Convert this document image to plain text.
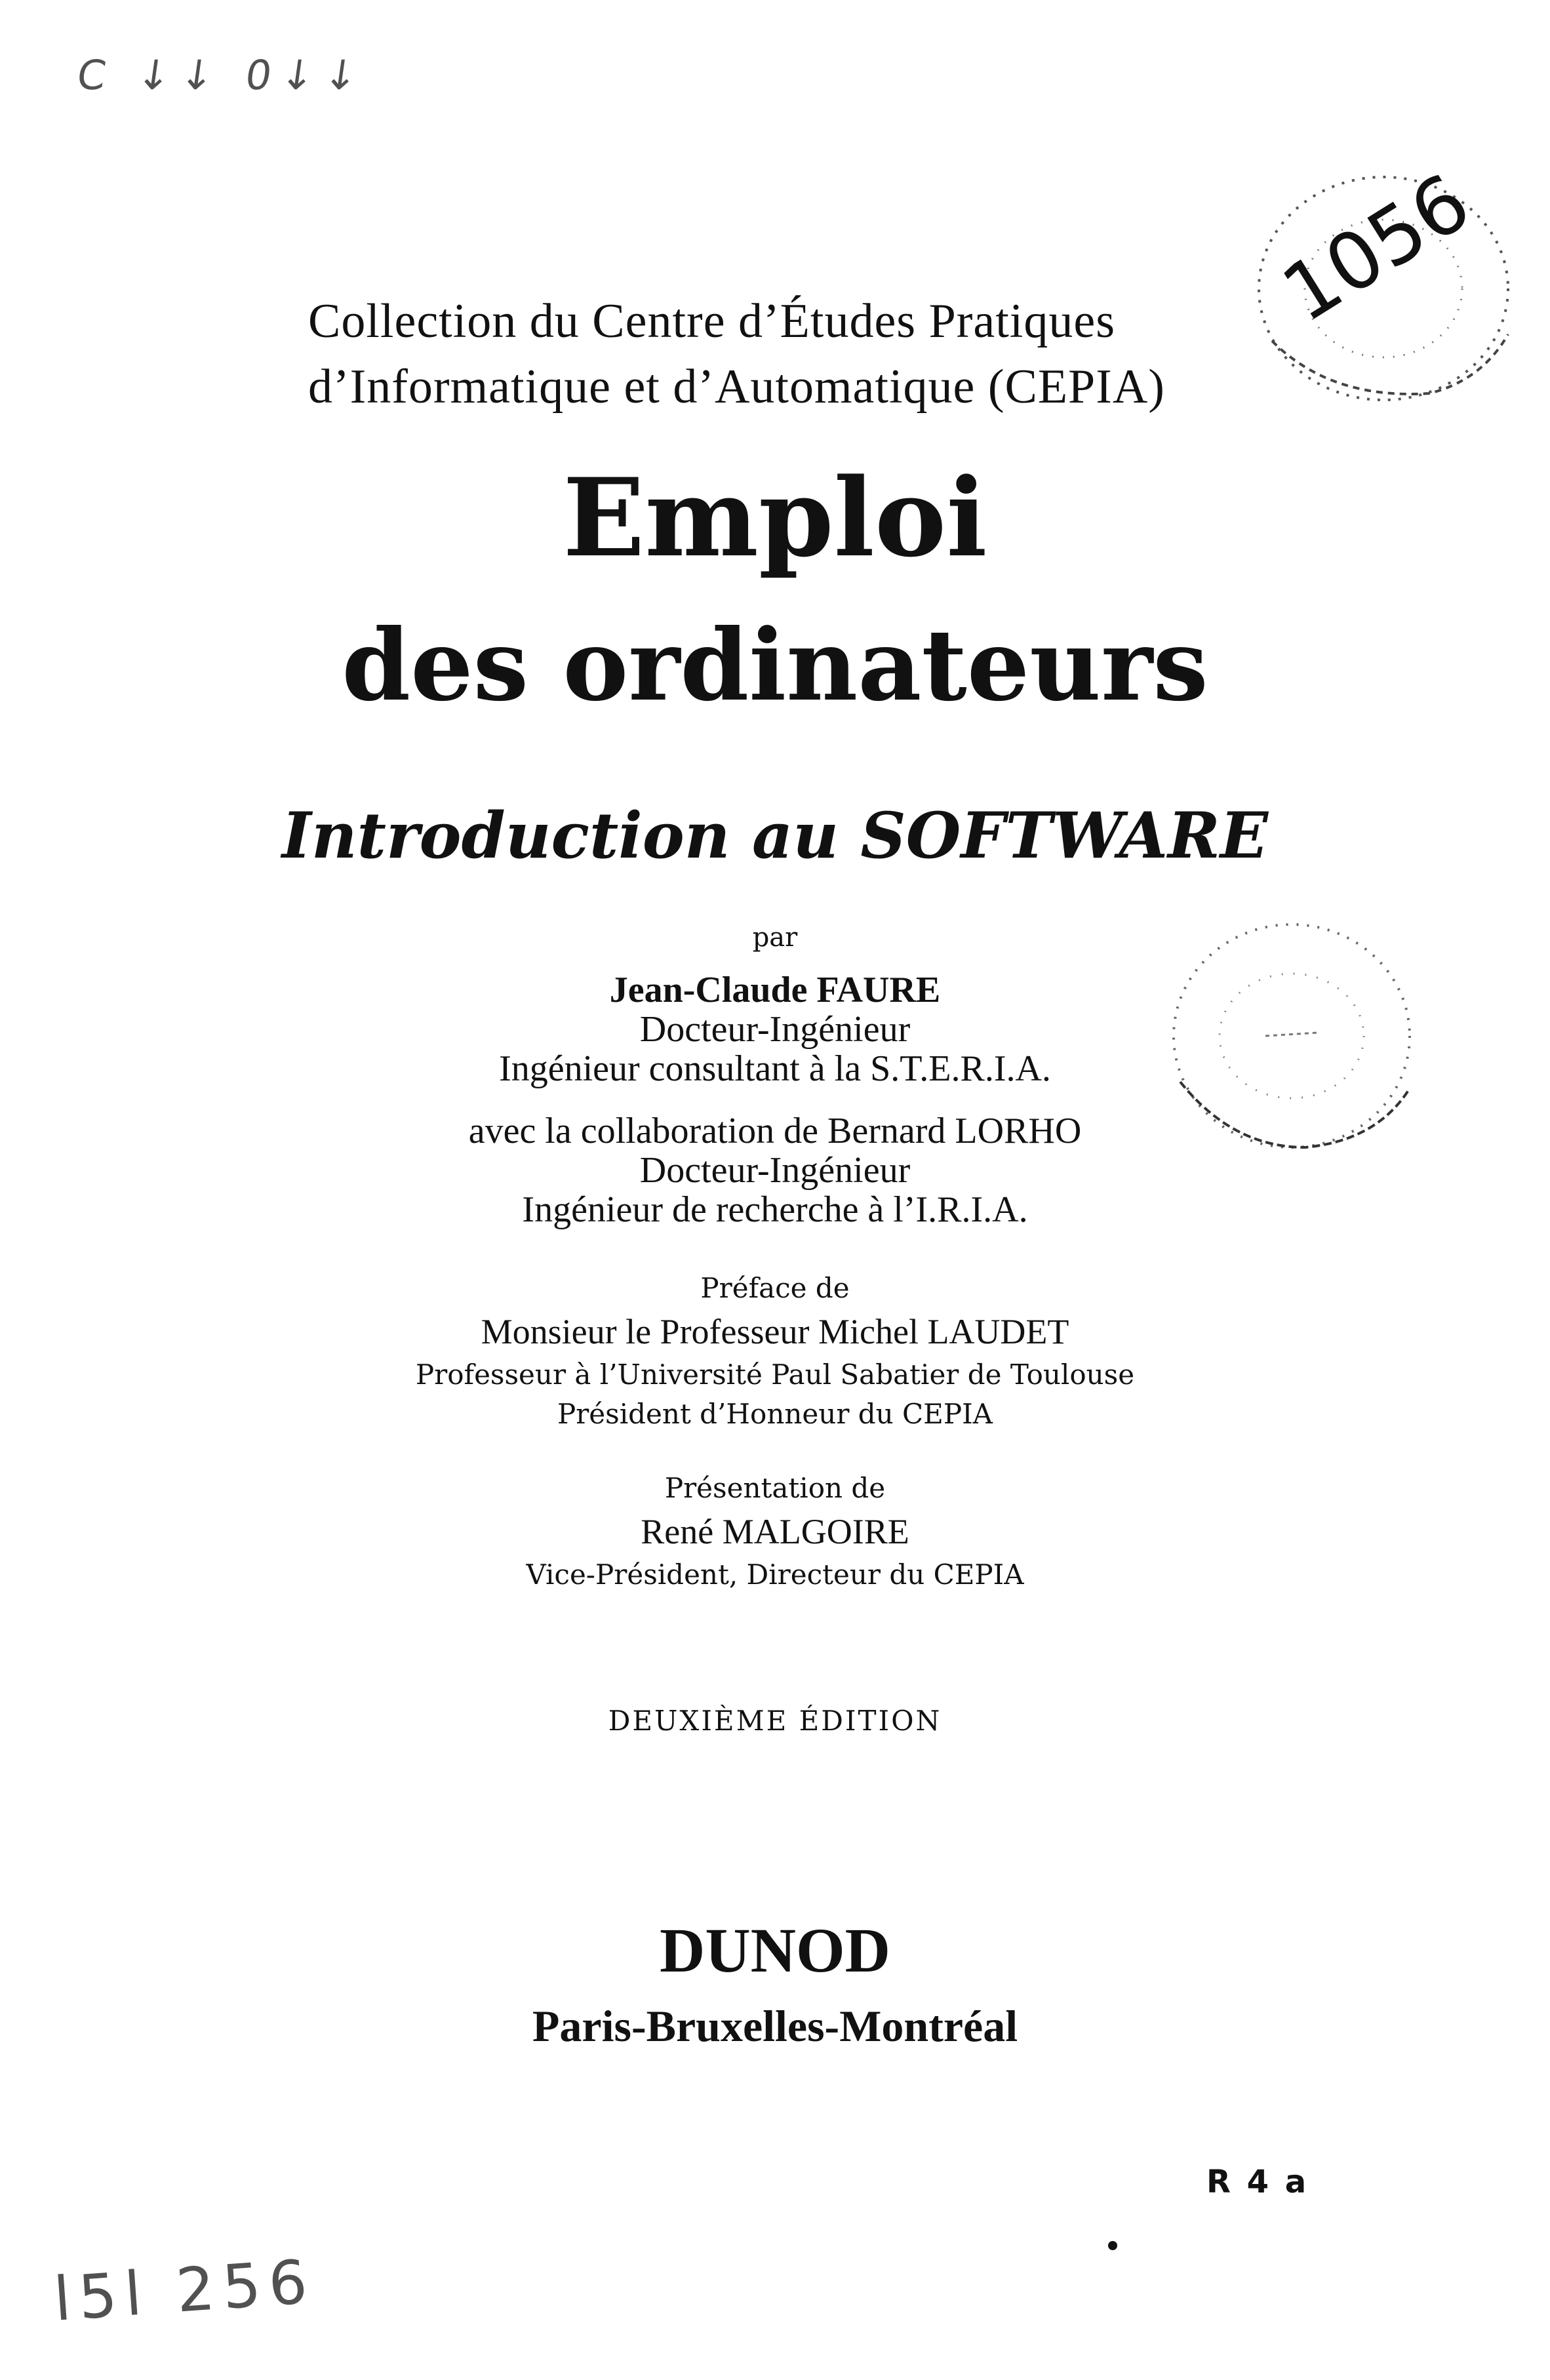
C ↓↓ 0↓↓
1056
Collection du Centre d’Études Pratiques d’Informatique et d’Automatique (CEPIA)
Emploi
des ordinateurs
Introduction au SOFTWARE
par
Jean-Claude FAURE
Docteur-Ingénieur
Ingénieur consultant à la S.T.E.R.I.A.
avec la collaboration de Bernard LORHO
Docteur-Ingénieur
Ingénieur de recherche à l’I.R.I.A.
Préface de
Monsieur le Professeur Michel LAUDET
Professeur à l’Université Paul Sabatier de Toulouse
Président d’Honneur du CEPIA
Présentation de
René MALGOIRE
Vice-Président, Directeur du CEPIA
DEUXIÈME ÉDITION
DUNOD
Paris-Bruxelles-Montréal
R 4 a
l5l 256
